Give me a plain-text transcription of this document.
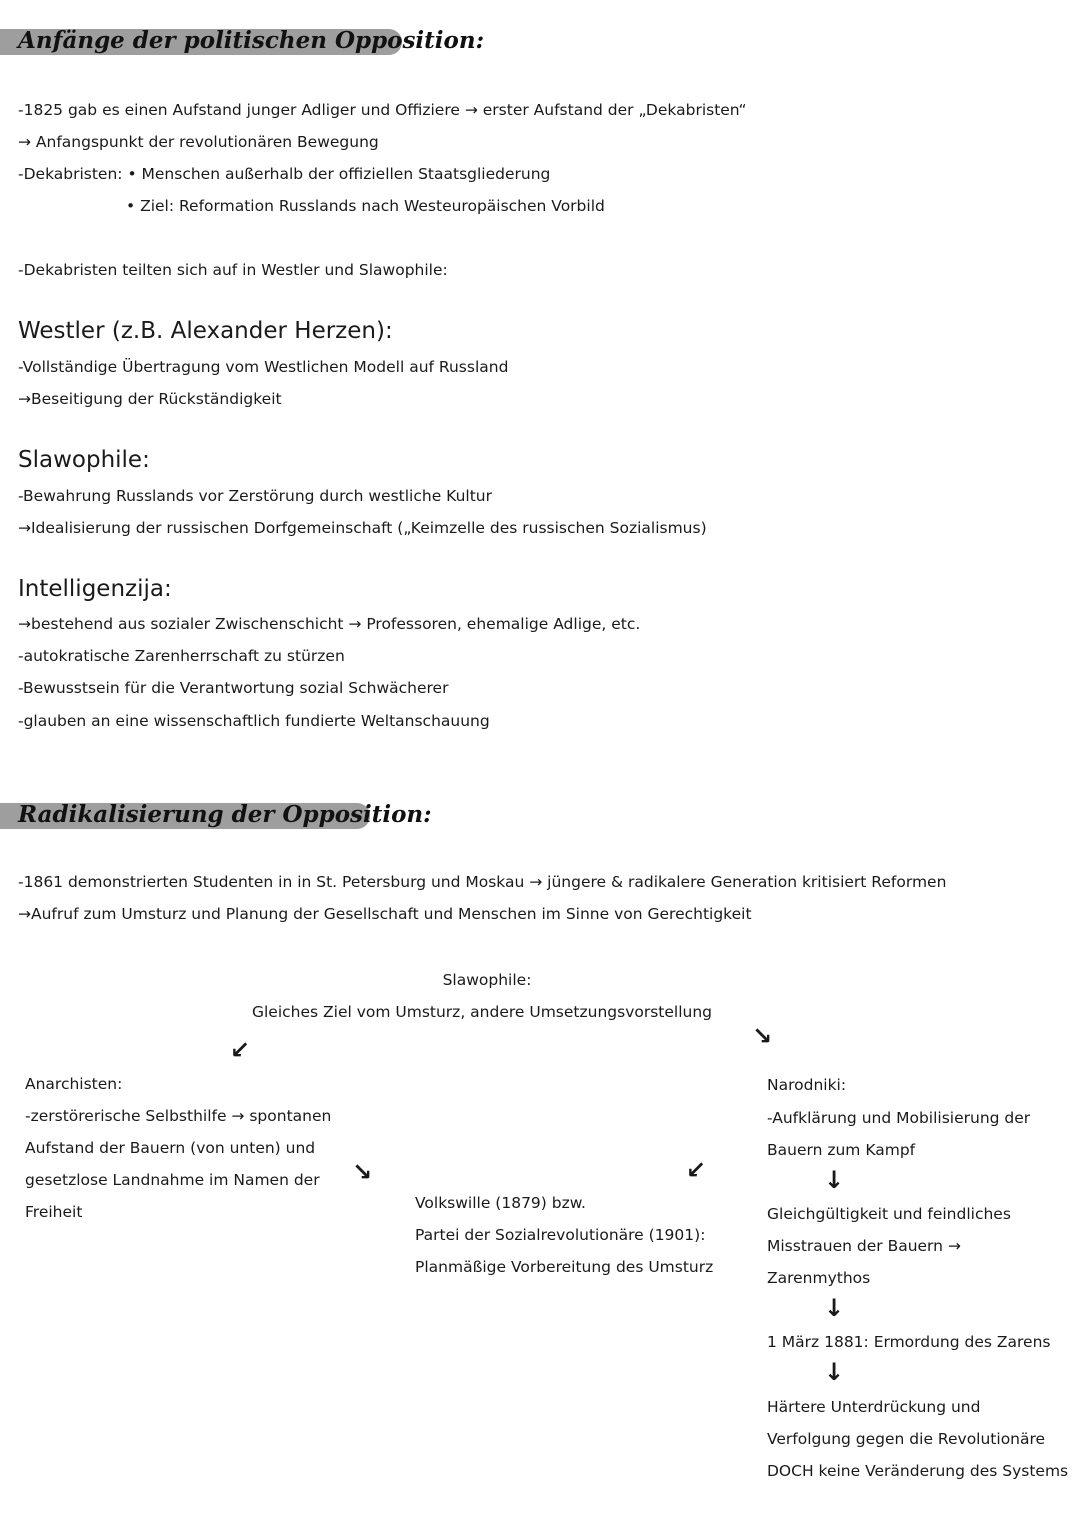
Anfänge der politischen Opposition:
-1825 gab es einen Aufstand junger Adliger und Offiziere → erster Aufstand der „Dekabristen“
→ Anfangspunkt der revolutionären Bewegung
-Dekabristen: • Menschen außerhalb der offiziellen Staatsgliederung
• Ziel: Reformation Russlands nach Westeuropäischen Vorbild
-Dekabristen teilten sich auf in Westler und Slawophile:
Westler (z.B. Alexander Herzen):
-Vollständige Übertragung vom Westlichen Modell auf Russland
→Beseitigung der Rückständigkeit
Slawophile:
-Bewahrung Russlands vor Zerstörung durch westliche Kultur
→Idealisierung der russischen Dorfgemeinschaft („Keimzelle des russischen Sozialismus)
Intelligenzija:
→bestehend aus sozialer Zwischenschicht → Professoren, ehemalige Adlige, etc.
-autokratische Zarenherrschaft zu stürzen
-Bewusstsein für die Verantwortung sozial Schwächerer
-glauben an eine wissenschaftlich fundierte Weltanschauung
Radikalisierung der Opposition:
-1861 demonstrierten Studenten in in St. Petersburg und Moskau → jüngere & radikalere Generation kritisiert Reformen
→Aufruf zum Umsturz und Planung der Gesellschaft und Menschen im Sinne von Gerechtigkeit
Slawophile:
Gleiches Ziel vom Umsturz, andere Umsetzungsvorstellung
↙	↘
Anarchisten:
-zerstörerische Selbsthilfe → spontanen
Aufstand der Bauern (von unten) und
gesetzlose Landnahme im Namen der
Freiheit
↘	↙
Volkswille (1879) bzw.
Partei der Sozialrevolutionäre (1901):
Planmäßige Vorbereitung des Umsturz
Narodniki:
-Aufklärung und Mobilisierung der
Bauern zum Kampf
↓
Gleichgültigkeit und feindliches
Misstrauen der Bauern →
Zarenmythos
↓
1 März 1881: Ermordung des Zarens
↓
Härtere Unterdrückung und
Verfolgung gegen die Revolutionäre
DOCH keine Veränderung des Systems
